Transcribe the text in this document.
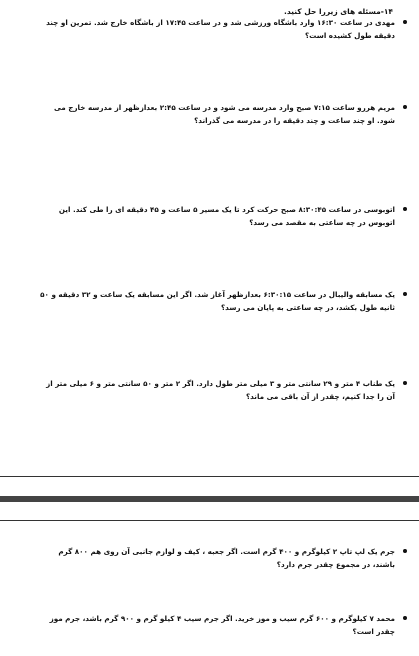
۱۴-مسئله های زیررا حل کنید.
مهدی در ساعت ۱۶:۳۰ وارد باشگاه ورزشی شد و در ساعت ۱۷:۴۵ از باشگاه خارج شد. تمرین او چند دقیقه طول کشیده است؟
مریم هررو ساعت ۷:۱۵ صبح وارد مدرسه می شود و در ساعت ۲:۴۵ بعدازظهر از مدرسه خارج می شود. او چند ساعت و چند دقیقه را در مدرسه می گذراند؟
اتوبوسی در ساعت ۸:۳۰:۴۵ صبح حرکت کرد تا یک مسیر ۵ ساعت و ۴۵ دقیقه ای را طی کند. این اتوبوس در چه ساعتی به مقصد می رسد؟
یک مسابقه والیبال در ساعت ۶:۳۰:۱۵ بعدازظهر آغاز شد. اگر این مسابقه یک ساعت و ۳۲ دقیقه و ۵۰ ثانیه طول بکشد، در چه ساعتی به پایان می رسد؟
یک طناب ۴ متر و ۲۹ سانتی متر و ۳ میلی متر طول دارد. اگر ۲ متر و ۵۰ سانتی متر و ۶ میلی متر از آن را جدا کنیم، چقدر از آن باقی می ماند؟
جرم یک لپ تاپ ۲ کیلوگرم و ۴۰۰ گرم است. اگر جعبه ، کیف و لوازم جانبی آن روی هم ۸۰۰ گرم باشند، در مجموع چقدر جرم دارد؟
محمد ۷ کیلوگرم و ۶۰۰ گرم سیب و موز خرید. اگر جرم سیب ۴ کیلو گرم و ۹۰۰ گرم باشد، جرم موز چقدر است؟
